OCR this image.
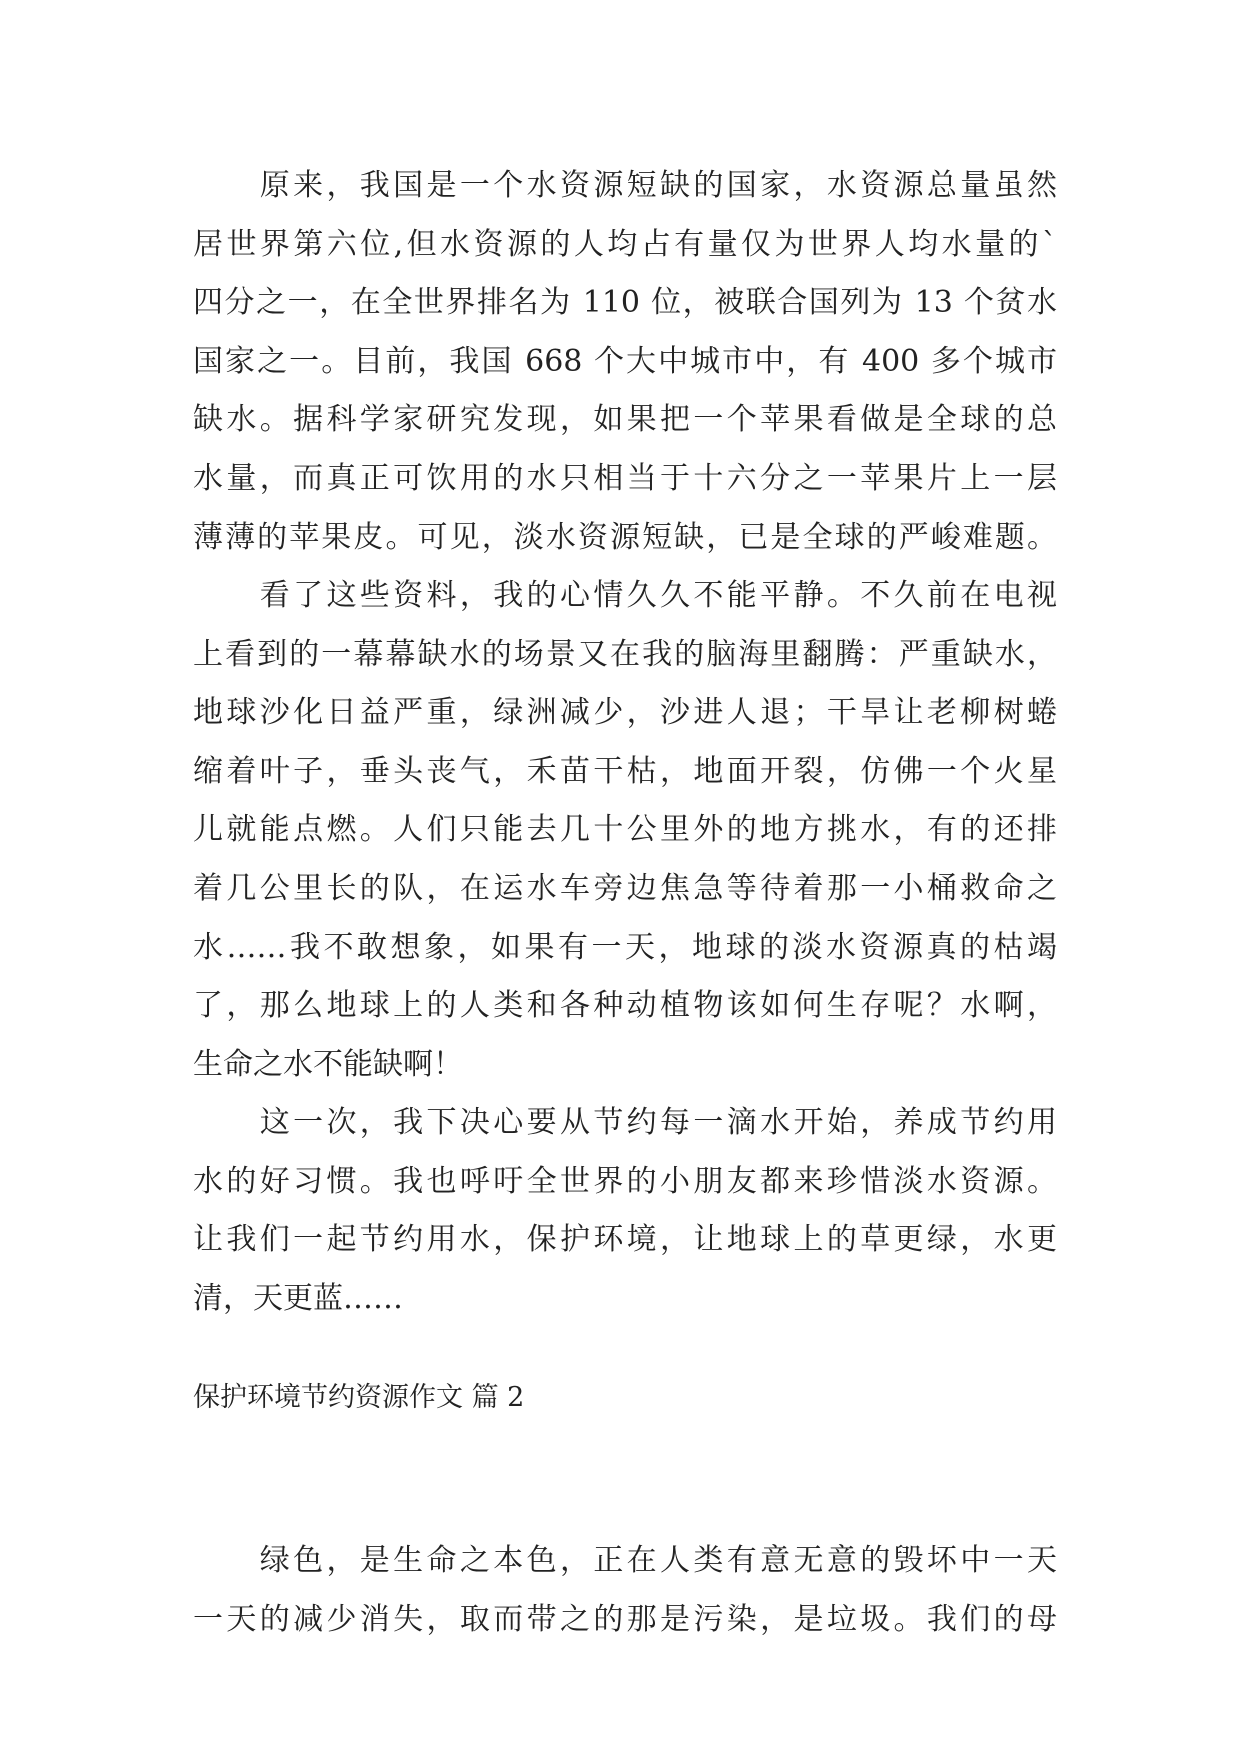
　　原来，我国是一个水资源短缺的国家，水资源总量虽然
居世界第六位,但水资源的人均占有量仅为世界人均水量的`
四分之一，在全世界排名为 110 位，被联合国列为 13 个贫水
国家之一。目前，我国 668 个大中城市中，有 400 多个城市
缺水。据科学家研究发现，如果把一个苹果看做是全球的总
水量，而真正可饮用的水只相当于十六分之一苹果片上一层
薄薄的苹果皮。可见，淡水资源短缺，已是全球的严峻难题。
　　看了这些资料，我的心情久久不能平静。不久前在电视
上看到的一幕幕缺水的场景又在我的脑海里翻腾：严重缺水，
地球沙化日益严重，绿洲减少，沙进人退；干旱让老柳树蜷
缩着叶子，垂头丧气，禾苗干枯，地面开裂，仿佛一个火星
儿就能点燃。人们只能去几十公里外的地方挑水，有的还排
着几公里长的队，在运水车旁边焦急等待着那一小桶救命之
水……我不敢想象，如果有一天，地球的淡水资源真的枯竭
了，那么地球上的人类和各种动植物该如何生存呢？水啊，
生命之水不能缺啊！
　　这一次，我下决心要从节约每一滴水开始，养成节约用
水的好习惯。我也呼吁全世界的小朋友都来珍惜淡水资源。
让我们一起节约用水，保护环境，让地球上的草更绿，水更
清，天更蓝……
保护环境节约资源作文 篇 2
　　绿色，是生命之本色，正在人类有意无意的毁坏中一天
一天的减少消失，取而带之的那是污染，是垃圾。我们的母
